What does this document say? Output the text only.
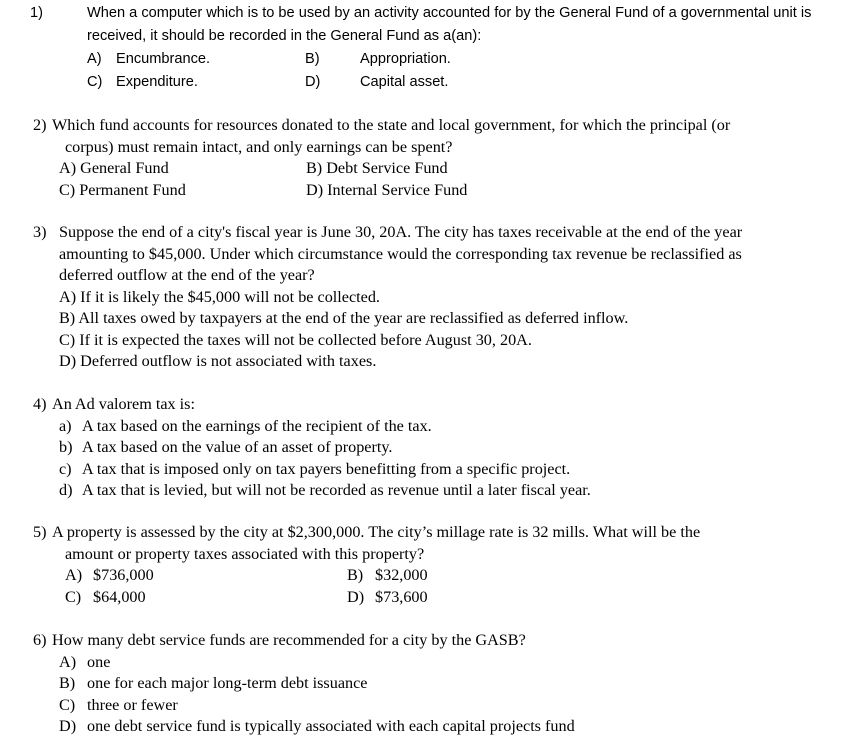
1)	When a computer which is to be used by an activity accounted for by the General Fund of a governmental unit is
received, it should be recorded in the General Fund as a(an):
A) Encumbrance.	B)	Appropriation.
C) Expenditure.	D)	Capital asset.
2) Which fund accounts for resources donated to the state and local government, for which the principal (or
corpus) must remain intact, and only earnings can be spent?
A) General Fund	B) Debt Service Fund
C) Permanent Fund	D) Internal Service Fund
3) Suppose the end of a city's fiscal year is June 30, 20A. The city has taxes receivable at the end of the year
amounting to $45,000. Under which circumstance would the corresponding tax revenue be reclassified as
deferred outflow at the end of the year?
A) If it is likely the $45,000 will not be collected.
B) All taxes owed by taxpayers at the end of the year are reclassified as deferred inflow.
C) If it is expected the taxes will not be collected before August 30, 20A.
D) Deferred outflow is not associated with taxes.
4) An Ad valorem tax is:
a) A tax based on the earnings of the recipient of the tax.
b) A tax based on the value of an asset of property.
c) A tax that is imposed only on tax payers benefitting from a specific project.
d) A tax that is levied, but will not be recorded as revenue until a later fiscal year.
5) A property is assessed by the city at $2,300,000. The city’s millage rate is 32 mills. What will be the
amount or property taxes associated with this property?
A) $736,000	B) $32,000
C) $64,000	D) $73,600
6) How many debt service funds are recommended for a city by the GASB?
A) one
B) one for each major long-term debt issuance
C) three or fewer
D) one debt service fund is typically associated with each capital projects fund
